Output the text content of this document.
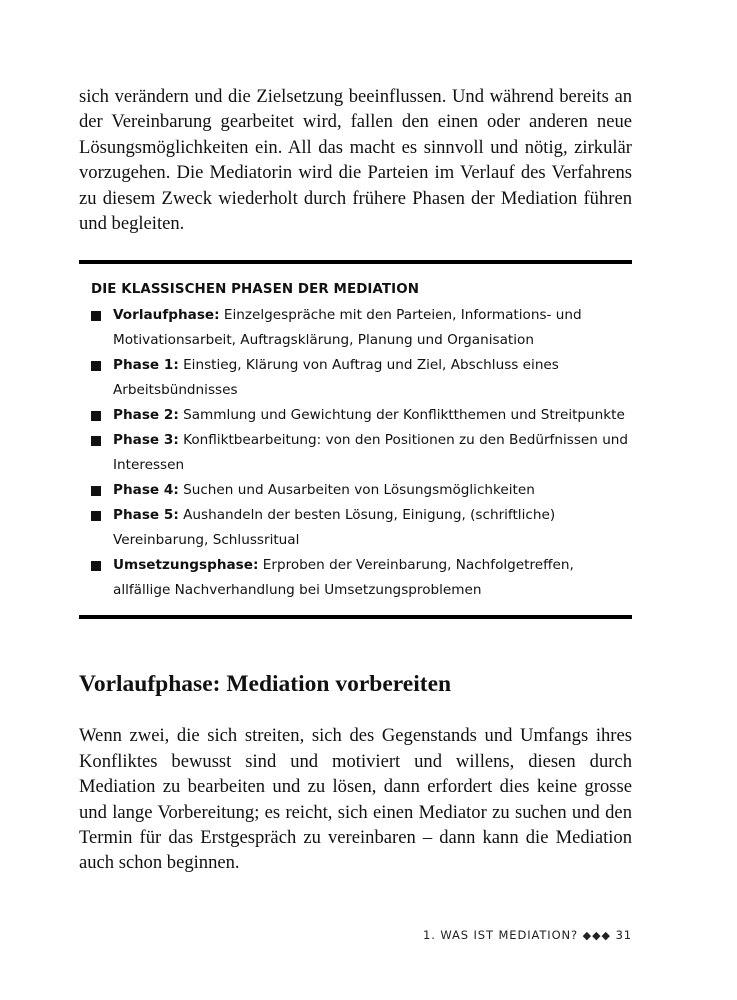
sich verändern und die Zielsetzung beeinflussen. Und während bereits an der Vereinbarung gearbeitet wird, fallen den einen oder anderen neue Lösungsmöglichkeiten ein. All das macht es sinnvoll und nötig, zirkulär vorzugehen. Die Mediatorin wird die Parteien im Verlauf des Verfahrens zu diesem Zweck wiederholt durch frühere Phasen der Mediation führen und begleiten.

DIE KLASSISCHEN PHASEN DER MEDIATION
Vorlaufphase: Einzelgespräche mit den Parteien, Informations- und Motivationsarbeit, Auftragsklärung, Planung und Organisation
Phase 1: Einstieg, Klärung von Auftrag und Ziel, Abschluss eines Arbeitsbündnisses
Phase 2: Sammlung und Gewichtung der Konfliktthemen und Streitpunkte
Phase 3: Konfliktbearbeitung: von den Positionen zu den Bedürfnissen und Interessen
Phase 4: Suchen und Ausarbeiten von Lösungsmöglichkeiten
Phase 5: Aushandeln der besten Lösung, Einigung, (schriftliche) Vereinbarung, Schlussritual
Umsetzungsphase: Erproben der Vereinbarung, Nachfolgetreffen, allfällige Nachverhandlung bei Umsetzungsproblemen
Vorlaufphase: Mediation vorbereiten

Wenn zwei, die sich streiten, sich des Gegenstands und Umfangs ihres Konfliktes bewusst sind und motiviert und willens, diesen durch Mediation zu bearbeiten und zu lösen, dann erfordert dies keine grosse und lange Vorbereitung; es reicht, sich einen Mediator zu suchen und den Termin für das Erstgespräch zu vereinbaren – dann kann die Mediation auch schon beginnen.

1. WAS IST MEDIATION? ◆◆◆ 31
